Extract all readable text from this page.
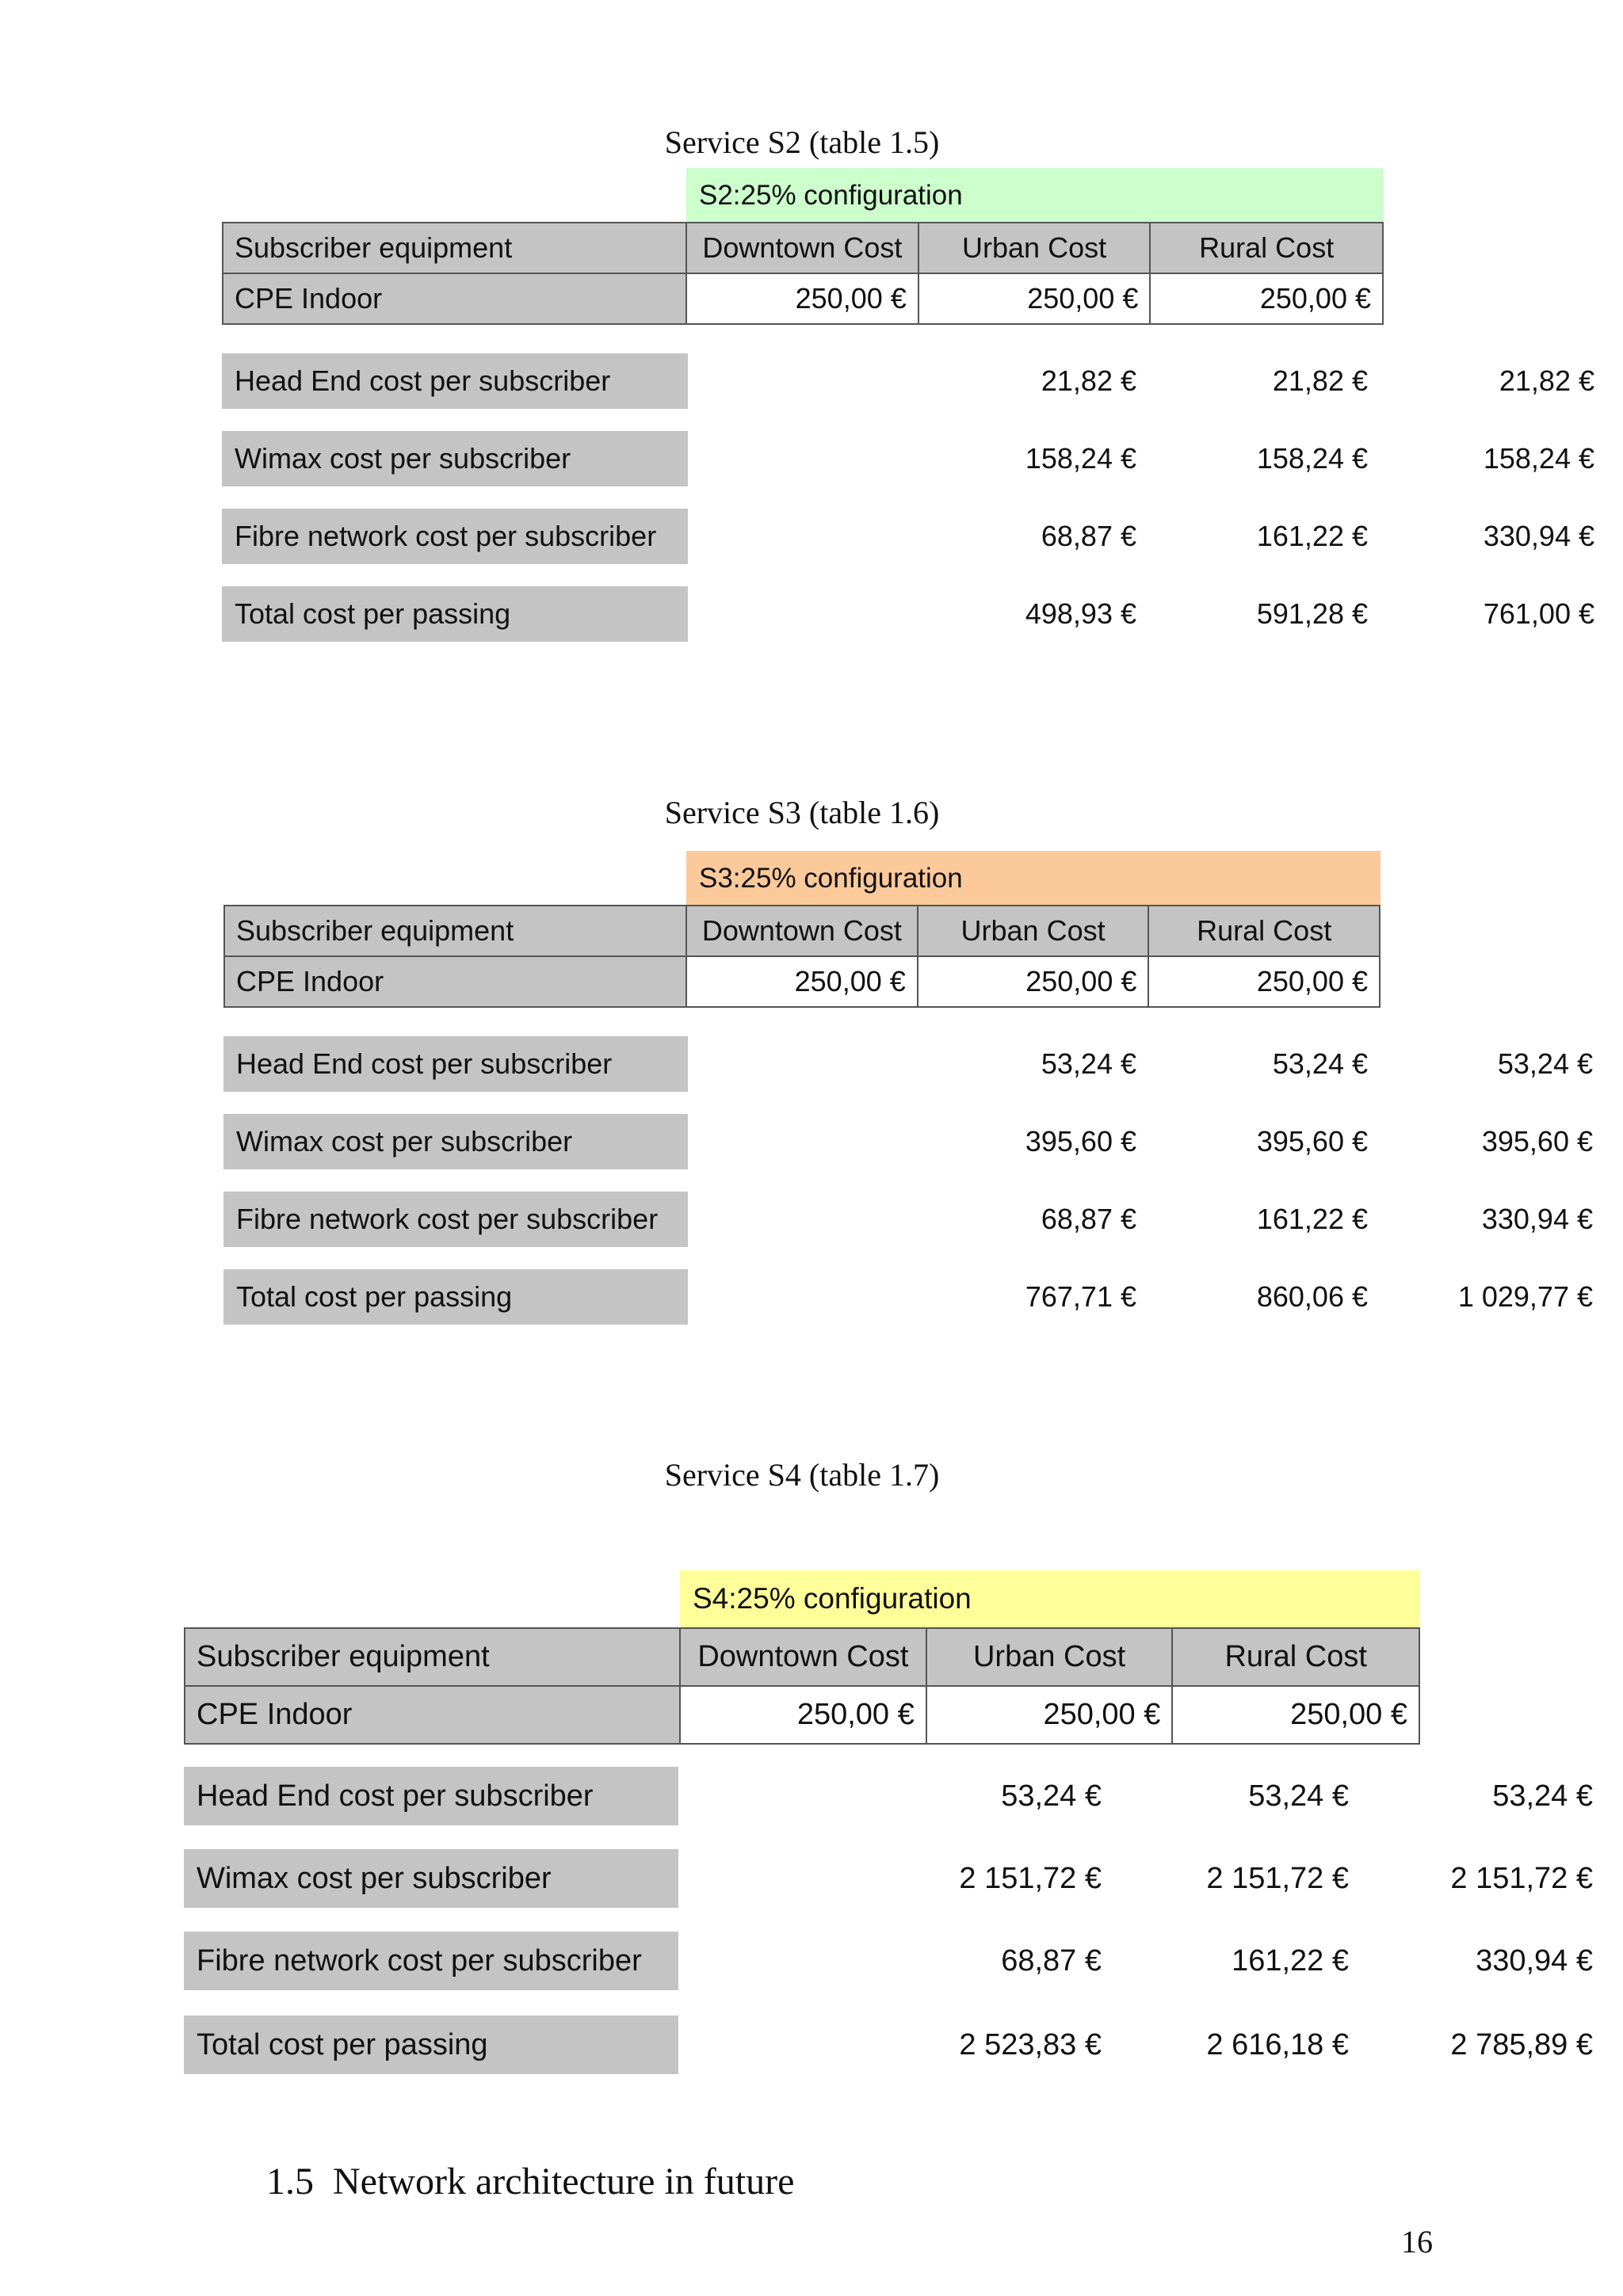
Service S2 (table 1.5)
S2:25% configuration
Subscriber equipment	Downtown Cost	Urban Cost	Rural Cost
CPE Indoor	250,00 €	250,00 €	250,00 €
Head End cost per subscriber	21,82 €	21,82 €	21,82 €
Wimax cost per subscriber	158,24 €	158,24 €	158,24 €
Fibre network cost per subscriber	68,87 €	161,22 €	330,94 €
Total cost per passing	498,93 €	591,28 €	761,00 €
Service S3 (table 1.6)
S3:25% configuration
Subscriber equipment	Downtown Cost	Urban Cost	Rural Cost
CPE Indoor	250,00 €	250,00 €	250,00 €
Head End cost per subscriber	53,24 €	53,24 €	53,24 €
Wimax cost per subscriber	395,60 €	395,60 €	395,60 €
Fibre network cost per subscriber	68,87 €	161,22 €	330,94 €
Total cost per passing	767,71 €	860,06 €	1 029,77 €
Service S4 (table 1.7)
S4:25% configuration
Subscriber equipment	Downtown Cost	Urban Cost	Rural Cost
CPE Indoor	250,00 €	250,00 €	250,00 €
Head End cost per subscriber	53,24 €	53,24 €	53,24 €
Wimax cost per subscriber	2 151,72 €	2 151,72 €	2 151,72 €
Fibre network cost per subscriber	68,87 €	161,22 €	330,94 €
Total cost per passing	2 523,83 €	2 616,18 €	2 785,89 €
1.5  Network architecture in future
16
